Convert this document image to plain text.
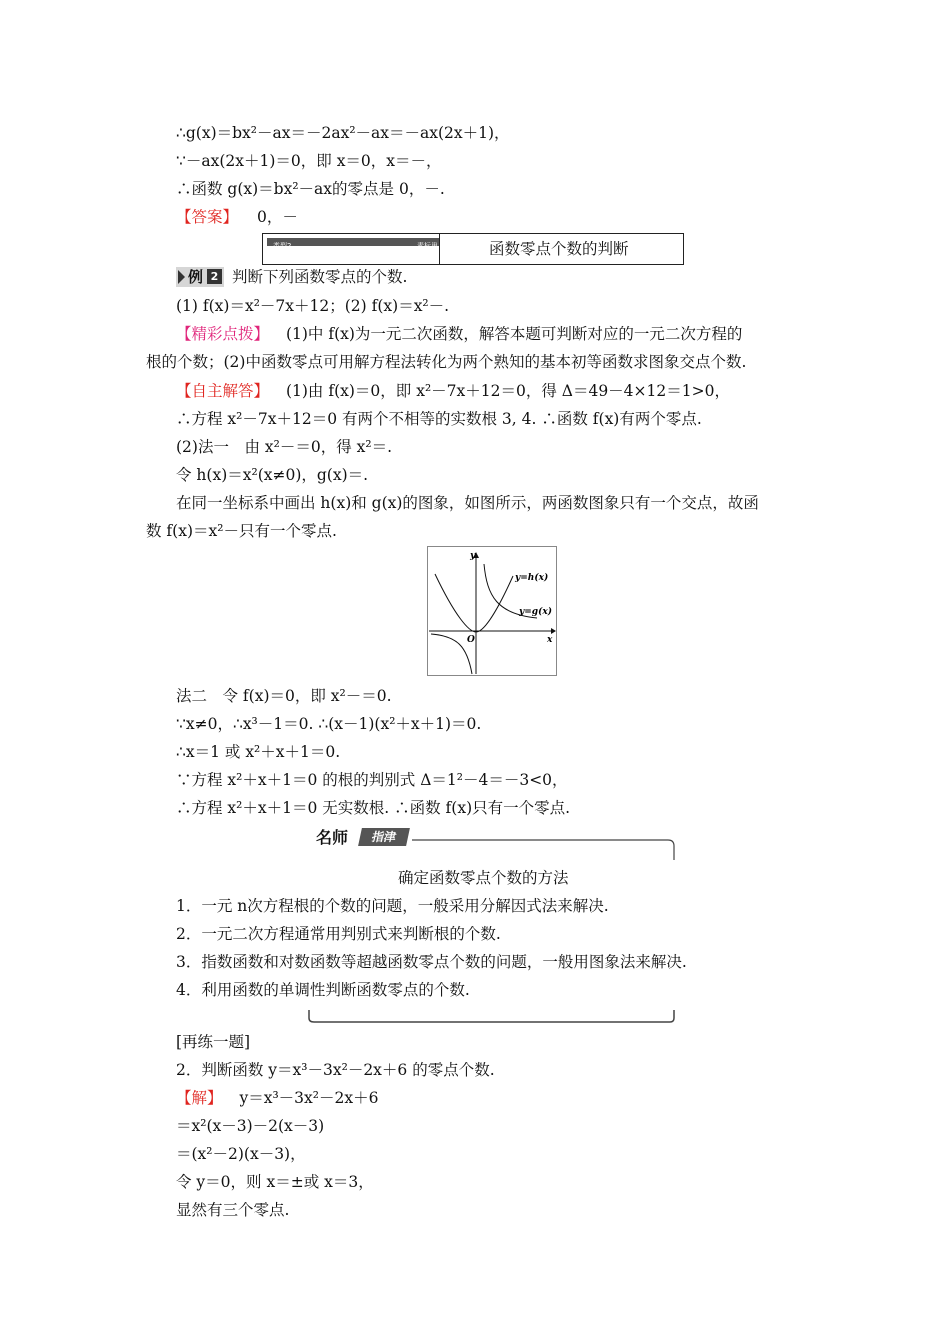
∴g(x)＝bx²－ax＝－2ax²－ax＝－ax(2x＋1)，
∵－ax(2x＋1)＝0，即 x＝0，x＝－，
∴函数 g(x)＝bx²－ax的零点是 0，－.
【答案】 0，－
类型2	素标巢	函数零点个数的判断
例 2 判断下列函数零点的个数.
(1) f(x)＝x²－7x＋12；(2) f(x)＝x²－.
【精彩点拨】 (1)中 f(x)为一元二次函数，解答本题可判断对应的一元二次方程的
根的个数；(2)中函数零点可用解方程法转化为两个熟知的基本初等函数求图象交点个数.
【自主解答】 (1)由 f(x)＝0，即 x²－7x＋12＝0，得 Δ＝49－4×12＝1>0，
∴方程 x²－7x＋12＝0 有两个不相等的实数根 3, 4. ∴函数 f(x)有两个零点.
(2)法一　由 x²－＝0，得 x²＝.
令 h(x)＝x²(x≠0)，g(x)＝.
在同一坐标系中画出 h(x)和 g(x)的图象，如图所示，两函数图象只有一个交点，故函
数 f(x)＝x²－只有一个零点.
y
x
O
y=h(x)
y=g(x)
法二　令 f(x)＝0，即 x²－＝0.
∵x≠0，∴x³－1＝0. ∴(x－1)(x²＋x＋1)＝0.
∴x＝1 或 x²＋x＋1＝0.
∵方程 x²＋x＋1＝0 的根的判别式 Δ＝1²－4＝－3<0，
∴方程 x²＋x＋1＝0 无实数根. ∴函数 f(x)只有一个零点.
名师	指津
确定函数零点个数的方法
1．一元 n次方程根的个数的问题，一般采用分解因式法来解决.
2．一元二次方程通常用判别式来判断根的个数.
3．指数函数和对数函数等超越函数零点个数的问题，一般用图象法来解决.
4．利用函数的单调性判断函数零点的个数.
[再练一题]
2．判断函数 y＝x³－3x²－2x＋6 的零点个数.
【解】 y＝x³－3x²－2x＋6
＝x²(x－3)－2(x－3)
＝(x²－2)(x－3)，
令 y＝0，则 x＝±或 x＝3，
显然有三个零点.
